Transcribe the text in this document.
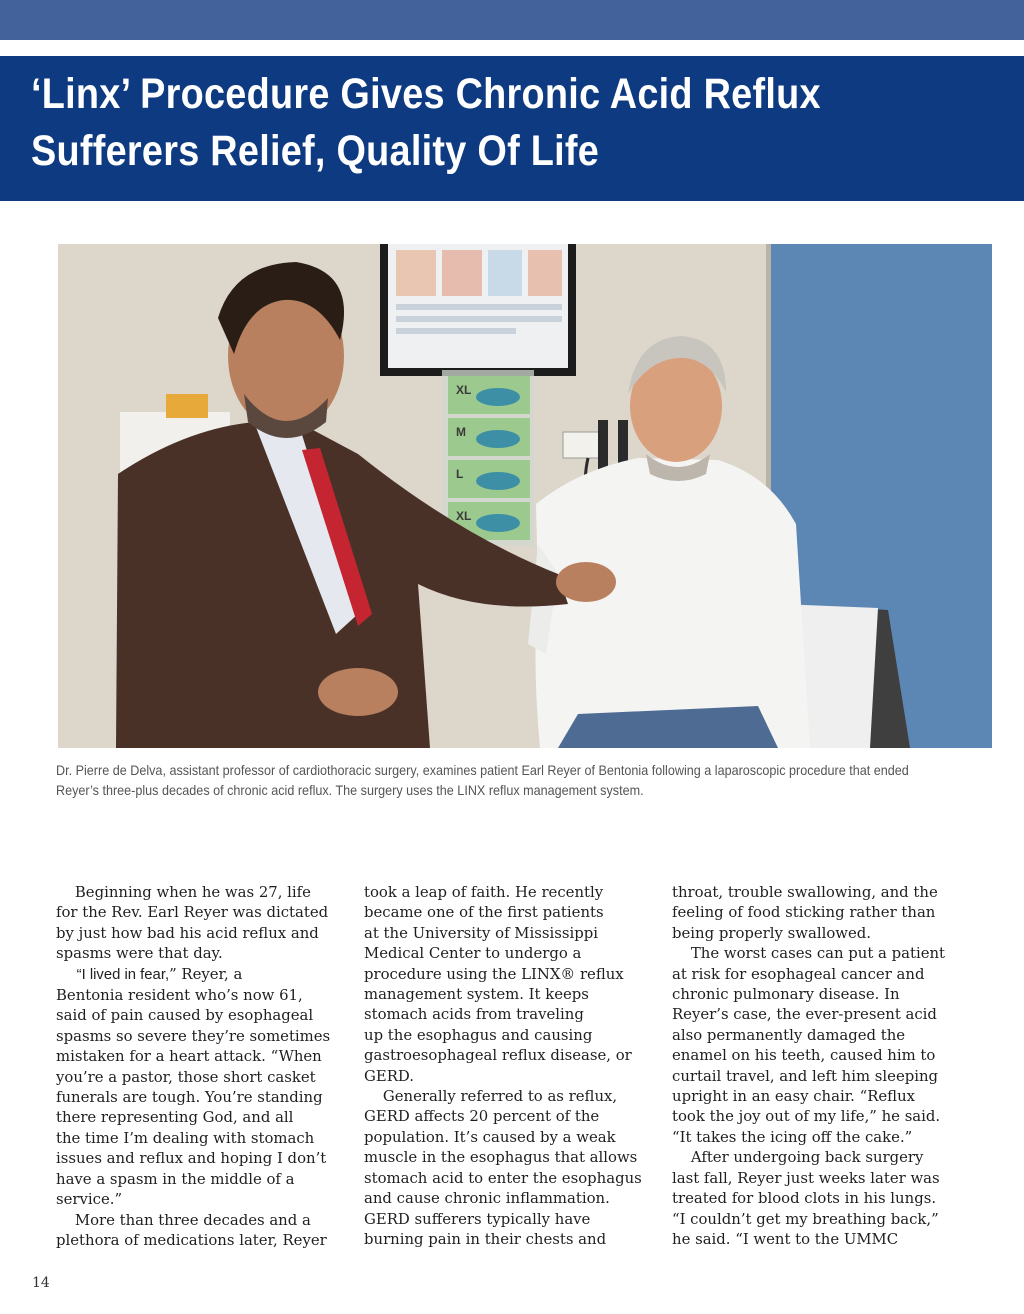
‘Linx’ Procedure Gives Chronic Acid Reflux
Sufferers Relief, Quality Of Life
XL
M
L
XL

Dr. Pierre de Delva, assistant professor of cardiothoracic surgery, examines patient Earl Reyer of Bentonia following a laparoscopic procedure that ended
Reyer’s three-plus decades of chronic acid reflux. The surgery uses the LINX reflux management system.

Beginning when he was 27, life
for the Rev. Earl Reyer was dictated
by just how bad his acid reflux and
spasms were that day.
“I lived in fear,” Reyer, a
Bentonia resident who’s now 61,
said of pain caused by esophageal
spasms so severe they’re sometimes
mistaken for a heart attack. “When
you’re a pastor, those short casket
funerals are tough. You’re standing
there representing God, and all
the time I’m dealing with stomach
issues and reflux and hoping I don’t
have a spasm in the middle of a
service.”
More than three decades and a
plethora of medications later, Reyer
took a leap of faith. He recently
became one of the first patients
at the University of Mississippi
Medical Center to undergo a
procedure using the LINX® reflux
management system. It keeps
stomach acids from traveling
up the esophagus and causing
gastroesophageal reflux disease, or
GERD.
Generally referred to as reflux,
GERD affects 20 percent of the
population. It’s caused by a weak
muscle in the esophagus that allows
stomach acid to enter the esophagus
and cause chronic inflammation.
GERD sufferers typically have
burning pain in their chests and
throat, trouble swallowing, and the
feeling of food sticking rather than
being properly swallowed.
The worst cases can put a patient
at risk for esophageal cancer and
chronic pulmonary disease. In
Reyer’s case, the ever-present acid
also permanently damaged the
enamel on his teeth, caused him to
curtail travel, and left him sleeping
upright in an easy chair. “Reflux
took the joy out of my life,” he said.
“It takes the icing off the cake.”
After undergoing back surgery
last fall, Reyer just weeks later was
treated for blood clots in his lungs.
“I couldn’t get my breathing back,”
he said. “I went to the UMMC
14
